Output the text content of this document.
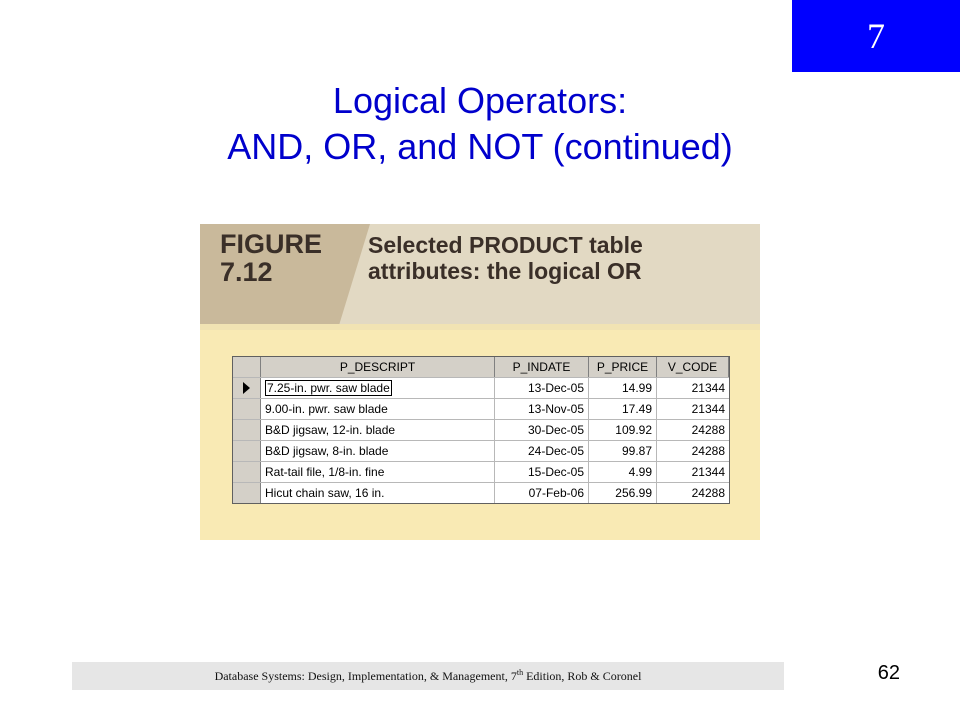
7
Logical Operators:
AND, OR, and NOT (continued)
FIGURE
7.12
Selected PRODUCT table
attributes: the logical OR
P_DESCRIPT	P_INDATE	P_PRICE	V_CODE
7.25-in. pwr. saw blade	13-Dec-05	14.99	21344
9.00-in. pwr. saw blade	13-Nov-05	17.49	21344
B&D jigsaw, 12-in. blade	30-Dec-05	109.92	24288
B&D jigsaw, 8-in. blade	24-Dec-05	99.87	24288
Rat-tail file, 1/8-in. fine	15-Dec-05	4.99	21344
Hicut chain saw, 16 in.	07-Feb-06	256.99	24288
Database Systems: Design, Implementation, & Management, 7th Edition, Rob & Coronel	62
